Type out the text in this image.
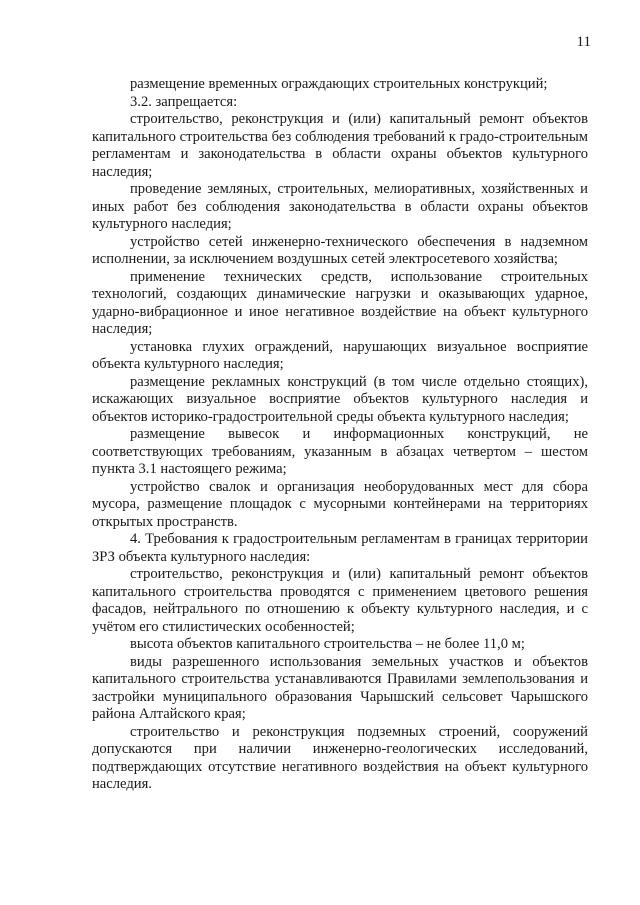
11

размещение временных ограждающих строительных конструкций;

3.2. запрещается:

строительство, реконструкция и (или) капитальный ремонт объектов капитального строительства без соблюдения требований к градо-строительным регламентам и законодательства в области охраны объектов культурного наследия;

проведение земляных, строительных, мелиоративных, хозяйственных и иных работ без соблюдения законодательства в области охраны объектов культурного наследия;

устройство сетей инженерно-технического обеспечения в надземном исполнении, за исключением воздушных сетей электросетевого хозяйства;

применение технических средств, использование строительных технологий, создающих динамические нагрузки и оказывающих ударное, ударно-вибрационное и иное негативное воздействие на объект культурного наследия;

установка глухих ограждений, нарушающих визуальное восприятие объекта культурного наследия;

размещение рекламных конструкций (в том числе отдельно стоящих), искажающих визуальное восприятие объектов культурного наследия и объектов историко-градостроительной среды объекта культурного наследия;

размещение вывесок и информационных конструкций, не соответствующих требованиям, указанным в абзацах четвертом – шестом пункта 3.1 настоящего режима;

устройство свалок и организация необорудованных мест для сбора мусора, размещение площадок с мусорными контейнерами на территориях открытых пространств.

4. Требования к градостроительным регламентам в границах территории ЗРЗ объекта культурного наследия:

строительство, реконструкция и (или) капитальный ремонт объектов капитального строительства проводятся с применением цветового решения фасадов, нейтрального по отношению к объекту культурного наследия, и с учётом его стилистических особенностей;

высота объектов капитального строительства – не более 11,0 м;

виды разрешенного использования земельных участков и объектов капитального строительства устанавливаются Правилами землепользования и застройки муниципального образования Чарышский сельсовет Чарышского района Алтайского края;

строительство и реконструкция подземных строений, сооружений допускаются при наличии инженерно-геологических исследований, подтверждающих отсутствие негативного воздействия на объект культурного наследия.
